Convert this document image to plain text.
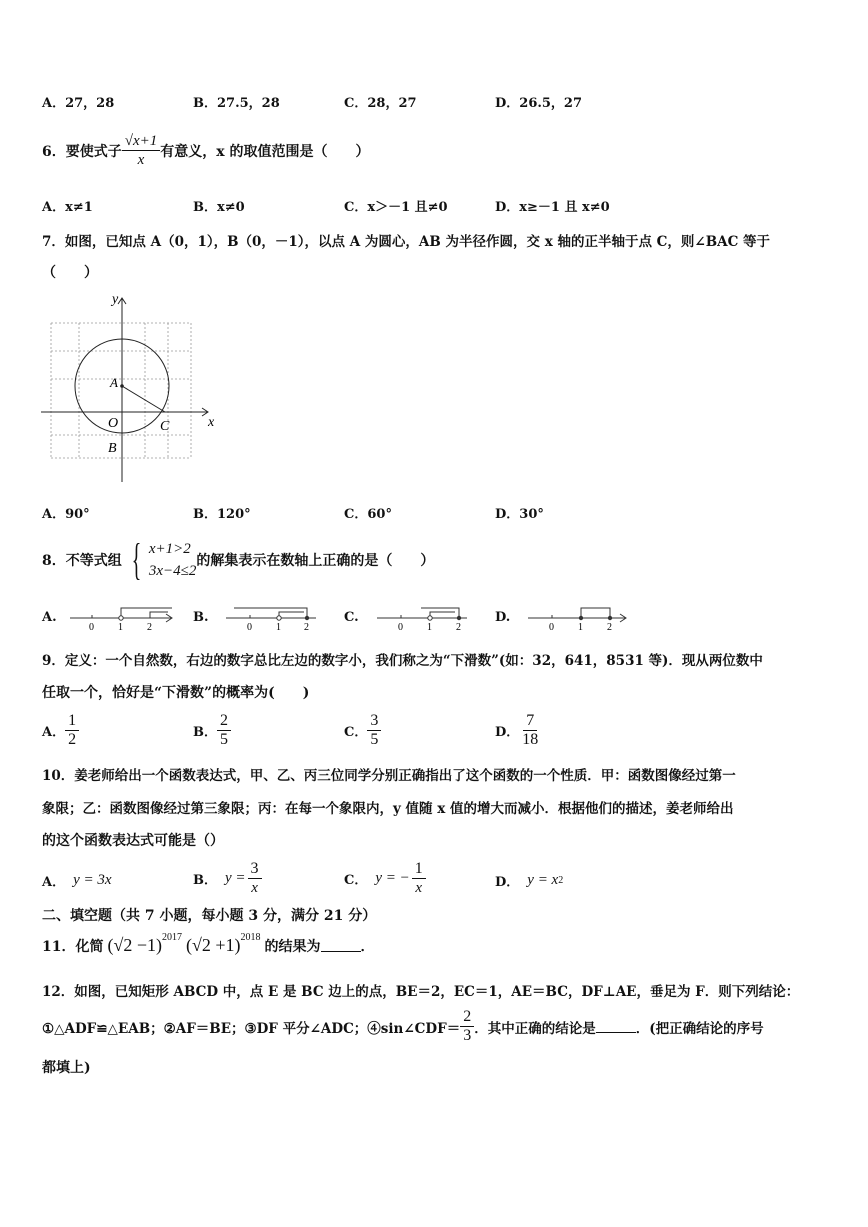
A．27，28	B．27.5，28	C．28，27	D．26.5，27
6．要使式子 $\frac{√x+1}{x}$ 有意义，x 的取值范围是（　　）
A．x≠1	B．x≠0	C．x＞－1 且≠0	D．x≥－1 且 x≠0
7．如图，已知点 A（0，1），B（0，－1），以点 A 为圆心，AB 为半径作圆，交 x 轴的正半轴于点 C，则∠BAC 等于
（　　）
y
x
A
O
B
C
A．90°	B．120°	C．60°	D．30°
8．不等式组 { x+1>2
3x−4≤2
的解集表示在数轴上正确的是（　　）
A.
0 1 2
B.
0 1 2
C.
0 1 2
D.
0 1 2
9．定义：一个自然数，右边的数字总比左边的数字小，我们称之为“下滑数”(如：32，641，8531 等)．现从两位数中
任取一个，恰好是“下滑数”的概率为(　　)
A． $\frac{1}{2}$	B． $\frac{2}{5}$	C． $\frac{3}{5}$	D． $\frac{7}{18}$
10．姜老师给出一个函数表达式，甲、乙、丙三位同学分别正确指出了这个函数的一个性质．甲：函数图像经过第一
象限；乙：函数图像经过第三象限；丙：在每一个象限内，y 值随 x 值的增大而减小．根据他们的描述，姜老师给出
的这个函数表达式可能是（）
A． y = 3x	B． $y = \frac{3}{x}$	C． y = − $\frac{1}{x}$	D． y = x 2
二、填空题（共 7 小题，每小题 3 分，满分 21 分）
11．化简 $(√2 -1)^{2017}$ $(√2 +1)^{2018}$
的结果为	．
12．如图，已知矩形 ABCD 中，点 E 是 BC 边上的点，BE＝2，EC＝1，AE＝BC，DF⊥AE，垂足为 F．则下列结论：
①△ADF≌△EAB；②AF＝BE；③DF 平分∠ADC；④sin∠CDF＝ $\frac{2}{3}$ ．其中正确的结论是	．(把正确结论的序号
都填上)
